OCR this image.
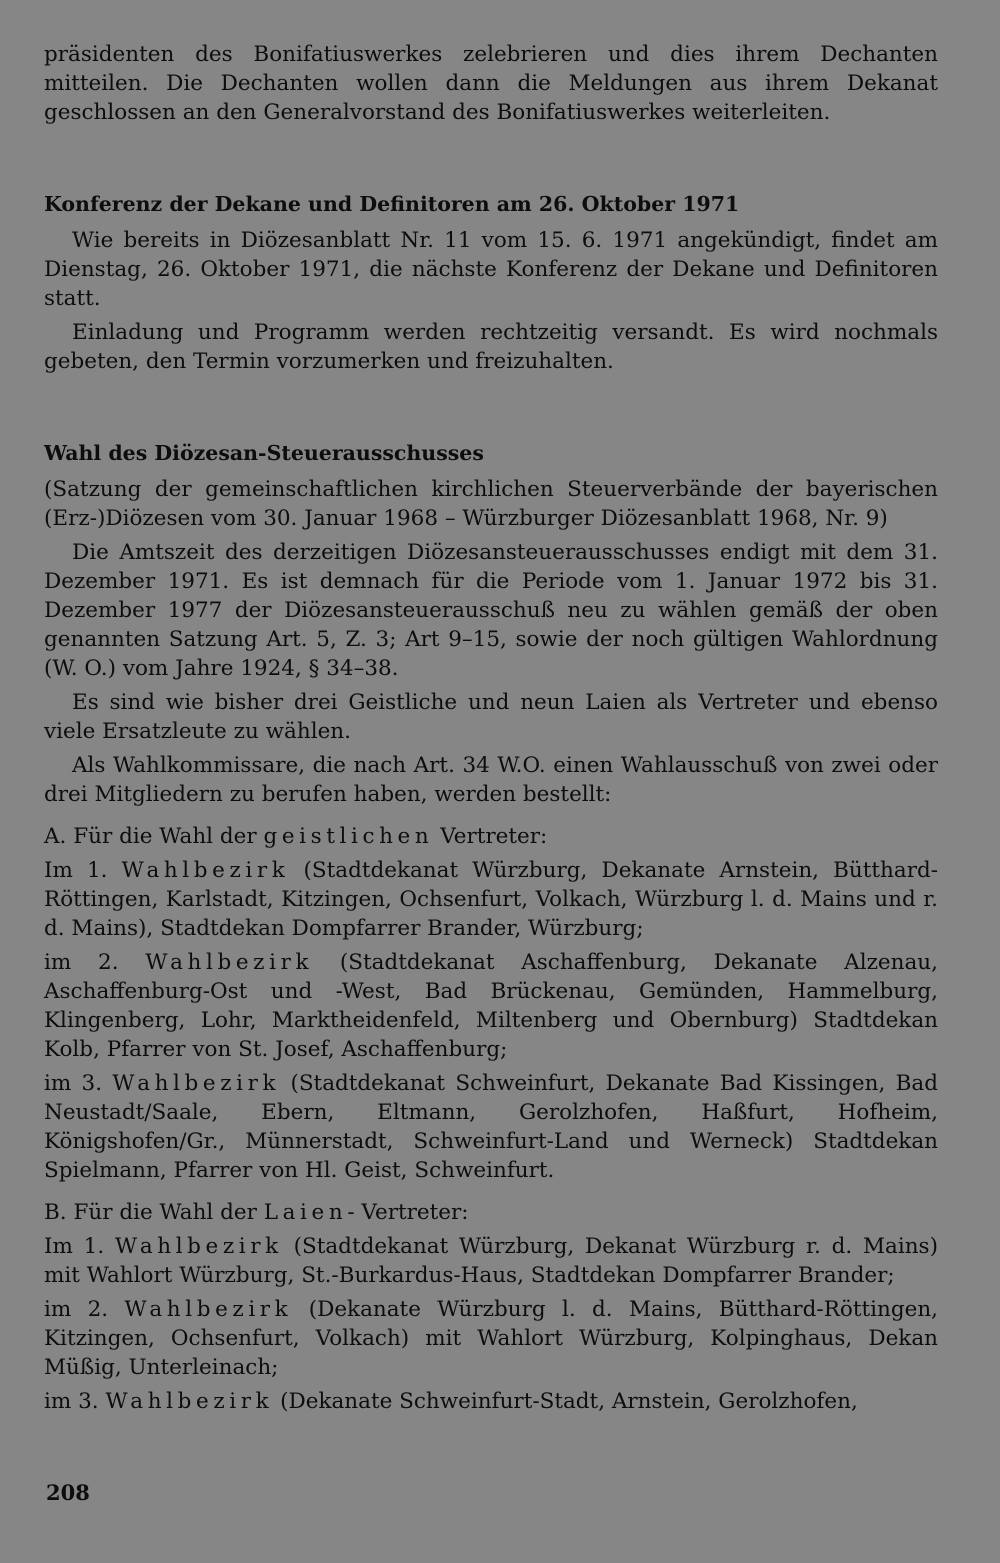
präsidenten des Bonifatiuswerkes zelebrieren und dies ihrem Dechanten mitteilen. Die Dechanten wollen dann die Meldungen aus ihrem Dekanat geschlossen an den Generalvorstand des Bonifatiuswerkes weiterleiten.

Konferenz der Dekane und Definitoren am 26. Oktober 1971

Wie bereits in Diözesanblatt Nr. 11 vom 15. 6. 1971 angekündigt, findet am Dienstag, 26. Oktober 1971, die nächste Konferenz der Dekane und Definitoren statt.

Einladung und Programm werden rechtzeitig versandt. Es wird nochmals gebeten, den Termin vorzumerken und freizuhalten.

Wahl des Diözesan-Steuerausschusses

(Satzung der gemeinschaftlichen kirchlichen Steuerverbände der bayerischen (Erz-)Diözesen vom 30. Januar 1968 – Würzburger Diözesanblatt 1968, Nr. 9)

Die Amtszeit des derzeitigen Diözesansteuerausschusses endigt mit dem 31. Dezember 1971. Es ist demnach für die Periode vom 1. Januar 1972 bis 31. Dezember 1977 der Diözesansteuerausschuß neu zu wählen gemäß der oben genannten Satzung Art. 5, Z. 3; Art 9–15, sowie der noch gültigen Wahlordnung (W. O.) vom Jahre 1924, § 34–38.

Es sind wie bisher drei Geistliche und neun Laien als Vertreter und ebenso viele Ersatzleute zu wählen.

Als Wahlkommissare, die nach Art. 34 W.O. einen Wahlausschuß von zwei oder drei Mitgliedern zu berufen haben, werden bestellt:

A. Für die Wahl der geistlichen Vertreter:

Im 1. Wahlbezirk (Stadtdekanat Würzburg, Dekanate Arnstein, Bütthard-Röttingen, Karlstadt, Kitzingen, Ochsenfurt, Volkach, Würzburg l. d. Mains und r. d. Mains), Stadtdekan Dompfarrer Brander, Würzburg;

im 2. Wahlbezirk (Stadtdekanat Aschaffenburg, Dekanate Alzenau, Aschaffenburg-Ost und -West, Bad Brückenau, Gemünden, Hammelburg, Klingenberg, Lohr, Marktheidenfeld, Miltenberg und Obernburg) Stadtdekan Kolb, Pfarrer von St. Josef, Aschaffenburg;

im 3. Wahlbezirk (Stadtdekanat Schweinfurt, Dekanate Bad Kissingen, Bad Neustadt/Saale, Ebern, Eltmann, Gerolzhofen, Haßfurt, Hofheim, Königshofen/Gr., Münnerstadt, Schweinfurt-Land und Werneck) Stadtdekan Spielmann, Pfarrer von Hl. Geist, Schweinfurt.

B. Für die Wahl der Laien- Vertreter:

Im 1. Wahlbezirk (Stadtdekanat Würzburg, Dekanat Würzburg r. d. Mains) mit Wahlort Würzburg, St.-Burkardus-Haus, Stadtdekan Dompfarrer Brander;

im 2. Wahlbezirk (Dekanate Würzburg l. d. Mains, Bütthard-Röttingen, Kitzingen, Ochsenfurt, Volkach) mit Wahlort Würzburg, Kolpinghaus, Dekan Müßig, Unterleinach;

im 3. Wahlbezirk (Dekanate Schweinfurt-Stadt, Arnstein, Gerolzhofen,

208
